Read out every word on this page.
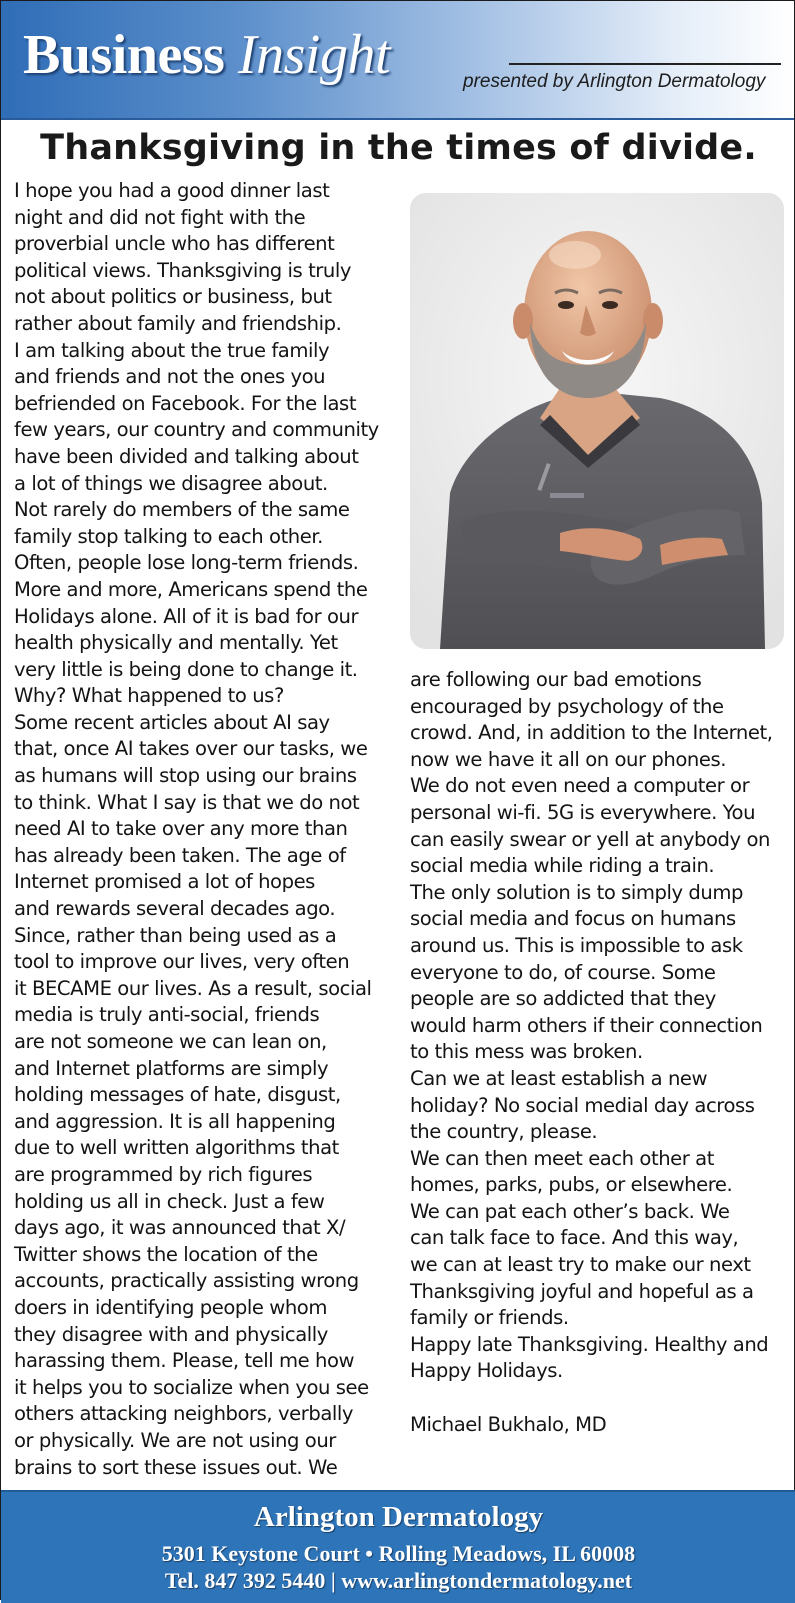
Business Insight	presented by Arlington Dermatology
Thanksgiving in the times of divide.

I hope you had a good dinner last

night and did not fight with the

proverbial uncle who has different

political views. Thanksgiving is truly

not about politics or business, but

rather about family and friendship.

I am talking about the true family

and friends and not the ones you

befriended on Facebook. For the last

few years, our country and community

have been divided and talking about

a lot of things we disagree about.

Not rarely do members of the same

family stop talking to each other.

Often, people lose long-term friends.

More and more, Americans spend the

Holidays alone. All of it is bad for our

health physically and mentally. Yet

very little is being done to change it.

Why? What happened to us?

Some recent articles about AI say

that, once AI takes over our tasks, we

as humans will stop using our brains

to think. What I say is that we do not

need AI to take over any more than

has already been taken. The age of

Internet promised a lot of hopes

and rewards several decades ago.

Since, rather than being used as a

tool to improve our lives, very often

it BECAME our lives. As a result, social

media is truly anti-social, friends

are not someone we can lean on,

and Internet platforms are simply

holding messages of hate, disgust,

and aggression. It is all happening

due to well written algorithms that

are programmed by rich figures

holding us all in check. Just a few

days ago, it was announced that X/

Twitter shows the location of the

accounts, practically assisting wrong

doers in identifying people whom

they disagree with and physically

harassing them. Please, tell me how

it helps you to socialize when you see

others attacking neighbors, verbally

or physically. We are not using our

brains to sort these issues out. We

are following our bad emotions

encouraged by psychology of the

crowd. And, in addition to the Internet,

now we have it all on our phones.

We do not even need a computer or

personal wi-fi. 5G is everywhere. You

can easily swear or yell at anybody on

social media while riding a train.

The only solution is to simply dump

social media and focus on humans

around us. This is impossible to ask

everyone to do, of course. Some

people are so addicted that they

would harm others if their connection

to this mess was broken.

Can we at least establish a new

holiday? No social medial day across

the country, please.

We can then meet each other at

homes, parks, pubs, or elsewhere.

We can pat each other’s back. We

can talk face to face. And this way,

we can at least try to make our next

Thanksgiving joyful and hopeful as a

family or friends.

Happy late Thanksgiving. Healthy and

Happy Holidays.

Michael Bukhalo, MD

Arlington Dermatology
5301 Keystone Court • Rolling Meadows, IL 60008
Tel. 847 392 5440 | www.arlingtondermatology.net
